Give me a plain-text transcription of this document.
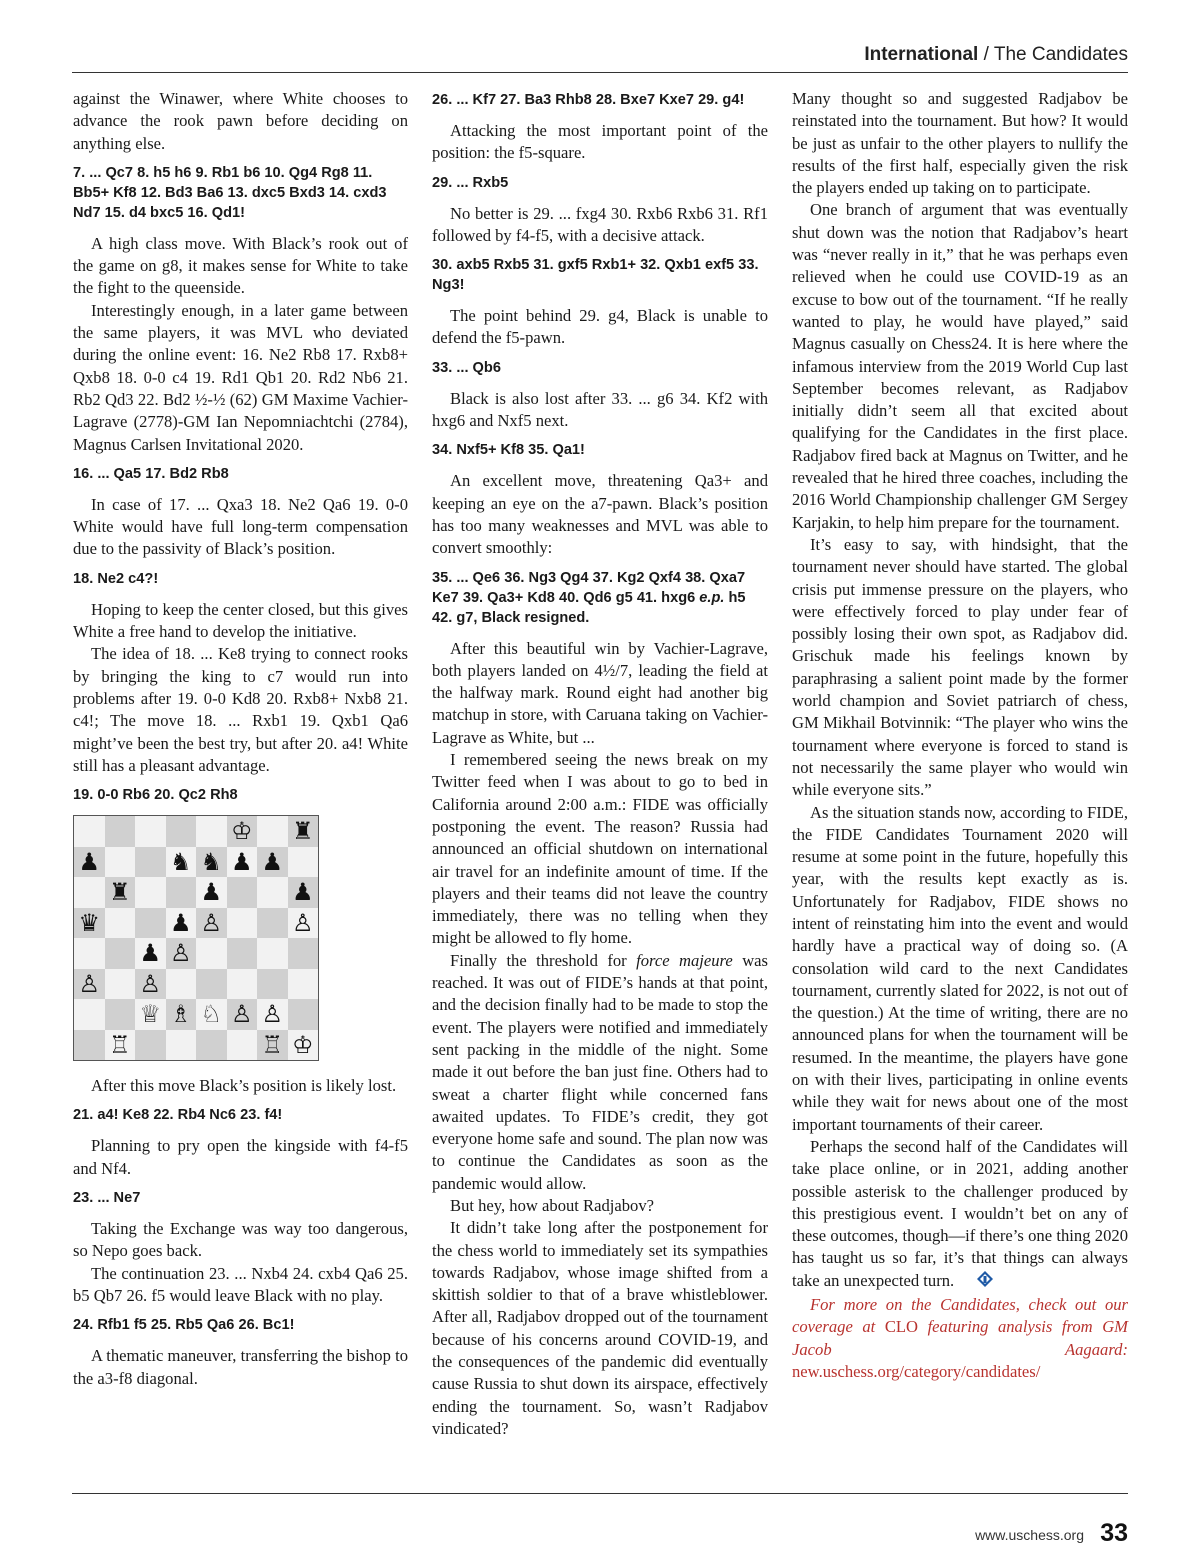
International / The Candidates

against the Winawer, where White chooses to advance the rook pawn before deciding on anything else.

7. ... Qc7 8. h5 h6 9. Rb1 b6 10. Qg4 Rg8 11. Bb5+ Kf8 12. Bd3 Ba6 13. dxc5 Bxd3 14. cxd3 Nd7 15. d4 bxc5 16. Qd1!

A high class move. With Black’s rook out of the game on g8, it makes sense for White to take the fight to the queenside.

Interestingly enough, in a later game between the same players, it was MVL who deviated during the online event: 16. Ne2 Rb8 17. Rxb8+ Qxb8 18. 0-0 c4 19. Rd1 Qb1 20. Rd2 Nb6 21. Rb2 Qd3 22. Bd2 ½-½ (62) GM Maxime Vachier-Lagrave (2778)-GM Ian Nepomniachtchi (2784), Magnus Carlsen Invitational 2020.

16. ... Qa5 17. Bd2 Rb8

In case of 17. ... Qxa3 18. Ne2 Qa6 19. 0-0 White would have full long-term compensation due to the passivity of Black’s position.

18. Ne2 c4?!

Hoping to keep the center closed, but this gives White a free hand to develop the initiative.

The idea of 18. ... Ke8 trying to connect rooks by bringing the king to c7 would run into problems after 19. 0-0 Kd8 20. Rxb8+ Nxb8 21. c4!; The move 18. ... Rxb1 19. Qxb1 Qa6 might’ve been the best try, but after 20. a4! White still has a pleasant advantage.

19. 0-0 Rb6 20. Qc2 Rh8
♔ ♜
♟	♞ ♞ ♟ ♟
♜	♟	♟
♛	♟ ♙	♙
♟ ♙
♙ ♙
♕ ♗ ♘ ♙ ♙
♖	♖ ♔

After this move Black’s position is likely lost.

21. a4! Ke8 22. Rb4 Nc6 23. f4!

Planning to pry open the kingside with f4-f5 and Nf4.

23. ... Ne7

Taking the Exchange was way too dangerous, so Nepo goes back.

The continuation 23. ... Nxb4 24. cxb4 Qa6 25. b5 Qb7 26. f5 would leave Black with no play.

24. Rfb1 f5 25. Rb5 Qa6 26. Bc1!

A thematic maneuver, transferring the bishop to the a3-f8 diagonal.

26. ... Kf7 27. Ba3 Rhb8 28. Bxe7 Kxe7 29. g4!

Attacking the most important point of the position: the f5-square.

29. ... Rxb5

No better is 29. ... fxg4 30. Rxb6 Rxb6 31. Rf1 followed by f4-f5, with a decisive attack.

30. axb5 Rxb5 31. gxf5 Rxb1+ 32. Qxb1 exf5 33. Ng3!

The point behind 29. g4, Black is unable to defend the f5-pawn.

33. ... Qb6

Black is also lost after 33. ... g6 34. Kf2 with hxg6 and Nxf5 next.

34. Nxf5+ Kf8 35. Qa1!

An excellent move, threatening Qa3+ and keeping an eye on the a7-pawn. Black’s position has too many weaknesses and MVL was able to convert smoothly:

35. ... Qe6 36. Ng3 Qg4 37. Kg2 Qxf4 38. Qxa7 Ke7 39. Qa3+ Kd8 40. Qd6 g5 41. hxg6 e.p. h5 42. g7, Black resigned.

After this beautiful win by Vachier-Lagrave, both players landed on 4½/7, leading the field at the halfway mark. Round eight had another big matchup in store, with Caruana taking on Vachier-Lagrave as White, but ...

I remembered seeing the news break on my Twitter feed when I was about to go to bed in California around 2:00 a.m.: FIDE was officially postponing the event. The reason? Russia had announced an official shutdown on international air travel for an indefinite amount of time. If the players and their teams did not leave the country immediately, there was no telling when they might be allowed to fly home.

Finally the threshold for force majeure was reached. It was out of FIDE’s hands at that point, and the decision finally had to be made to stop the event. The players were notified and immediately sent packing in the middle of the night. Some made it out before the ban just fine. Others had to sweat a charter flight while concerned fans awaited updates. To FIDE’s credit, they got everyone home safe and sound. The plan now was to continue the Candidates as soon as the pandemic would allow.

But hey, how about Radjabov?

It didn’t take long after the postponement for the chess world to immediately set its sympathies towards Radjabov, whose image shifted from a skittish soldier to that of a brave whistleblower. After all, Radjabov dropped out of the tournament because of his concerns around COVID-19, and the consequences of the pandemic did eventually cause Russia to shut down its airspace, effectively ending the tournament. So, wasn’t Radjabov vindicated?

Many thought so and suggested Radjabov be reinstated into the tournament. But how? It would be just as unfair to the other players to nullify the results of the first half, especially given the risk the players ended up taking on to participate.

One branch of argument that was eventually shut down was the notion that Radjabov’s heart was “never really in it,” that he was perhaps even relieved when he could use COVID-19 as an excuse to bow out of the tournament. “If he really wanted to play, he would have played,” said Magnus casually on Chess24. It is here where the infamous interview from the 2019 World Cup last September becomes relevant, as Radjabov initially didn’t seem all that excited about qualifying for the Candidates in the first place. Radjabov fired back at Magnus on Twitter, and he revealed that he hired three coaches, including the 2016 World Championship challenger GM Sergey Karjakin, to help him prepare for the tournament.

It’s easy to say, with hindsight, that the tournament never should have started. The global crisis put immense pressure on the players, who were effectively forced to play under fear of possibly losing their own spot, as Radjabov did. Grischuk made his feelings known by paraphrasing a salient point made by the former world champion and Soviet patriarch of chess, GM Mikhail Botvinnik: “The player who wins the tournament where everyone is forced to stand is not necessarily the same player who would win while everyone sits.”

As the situation stands now, according to FIDE, the FIDE Candidates Tournament 2020 will resume at some point in the future, hopefully this year, with the results kept exactly as is. Unfortunately for Radjabov, FIDE shows no intent of reinstating him into the event and would hardly have a practical way of doing so. (A consolation wild card to the next Candidates tournament, currently slated for 2022, is not out of the question.) At the time of writing, there are no announced plans for when the tournament will be resumed. In the meantime, the players have gone on with their lives, participating in online events while they wait for news about one of the most important tournaments of their career.

Perhaps the second half of the Candidates will take place online, or in 2021, adding another possible asterisk to the challenger produced by this prestigious event. I wouldn’t bet on any of these outcomes, though—if there’s one thing 2020 has taught us so far, it’s that things can always take an unexpected turn.

For more on the Candidates, check out our coverage at CLO featuring analysis from GM Jacob Aagaard: new.uschess.org/category/candidates/

www.uschess.org 33
